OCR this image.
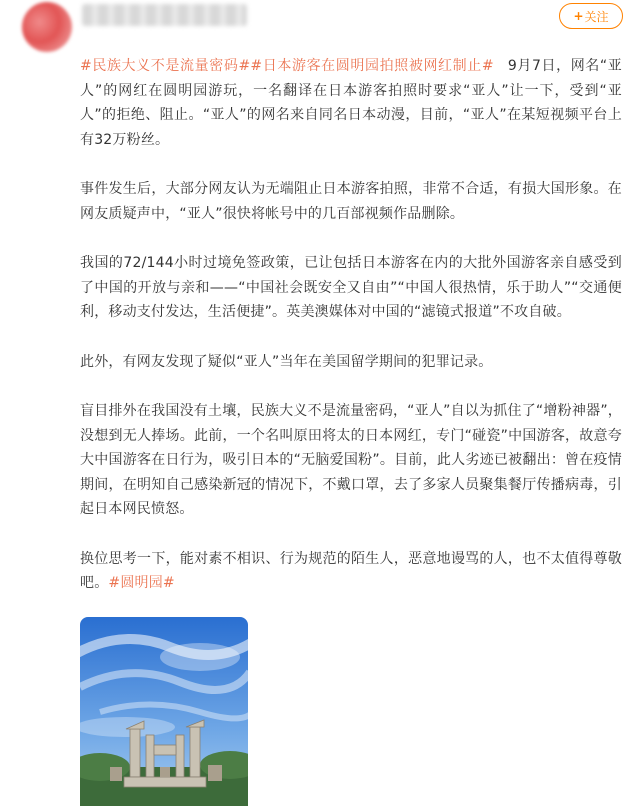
+ 关注

#民族大义不是流量密码##日本游客在圆明园拍照被网红制止# 9月7日，网名“亚人”的网红在圆明园游玩，一名翻译在日本游客拍照时要求“亚人”让一下，受到“亚人”的拒绝、阻止。“亚人”的网名来自同名日本动漫，目前，“亚人”在某短视频平台上有32万粉丝。

事件发生后，大部分网友认为无端阻止日本游客拍照，非常不合适，有损大国形象。在网友质疑声中，“亚人”很快将帐号中的几百部视频作品删除。

我国的72/144小时过境免签政策，已让包括日本游客在内的大批外国游客亲自感受到了中国的开放与亲和——“中国社会既安全又自由”“中国人很热情，乐于助人”“交通便利，移动支付发达，生活便捷”。英美澳媒体对中国的“滤镜式报道”不攻自破。

此外，有网友发现了疑似“亚人”当年在美国留学期间的犯罪记录。

盲目排外在我国没有土壤，民族大义不是流量密码，“亚人”自以为抓住了“增粉神器”，没想到无人捧场。此前，一个名叫原田将太的日本网红，专门“碰瓷”中国游客，故意夸大中国游客在日行为，吸引日本的“无脑爱国粉”。目前，此人劣迹已被翻出：曾在疫情期间，在明知自己感染新冠的情况下，不戴口罩，去了多家人员聚集餐厅传播病毒，引起日本网民愤怒。

换位思考一下，能对素不相识、行为规范的陌生人，恶意地谩骂的人，也不太值得尊敬吧。#圆明园#
